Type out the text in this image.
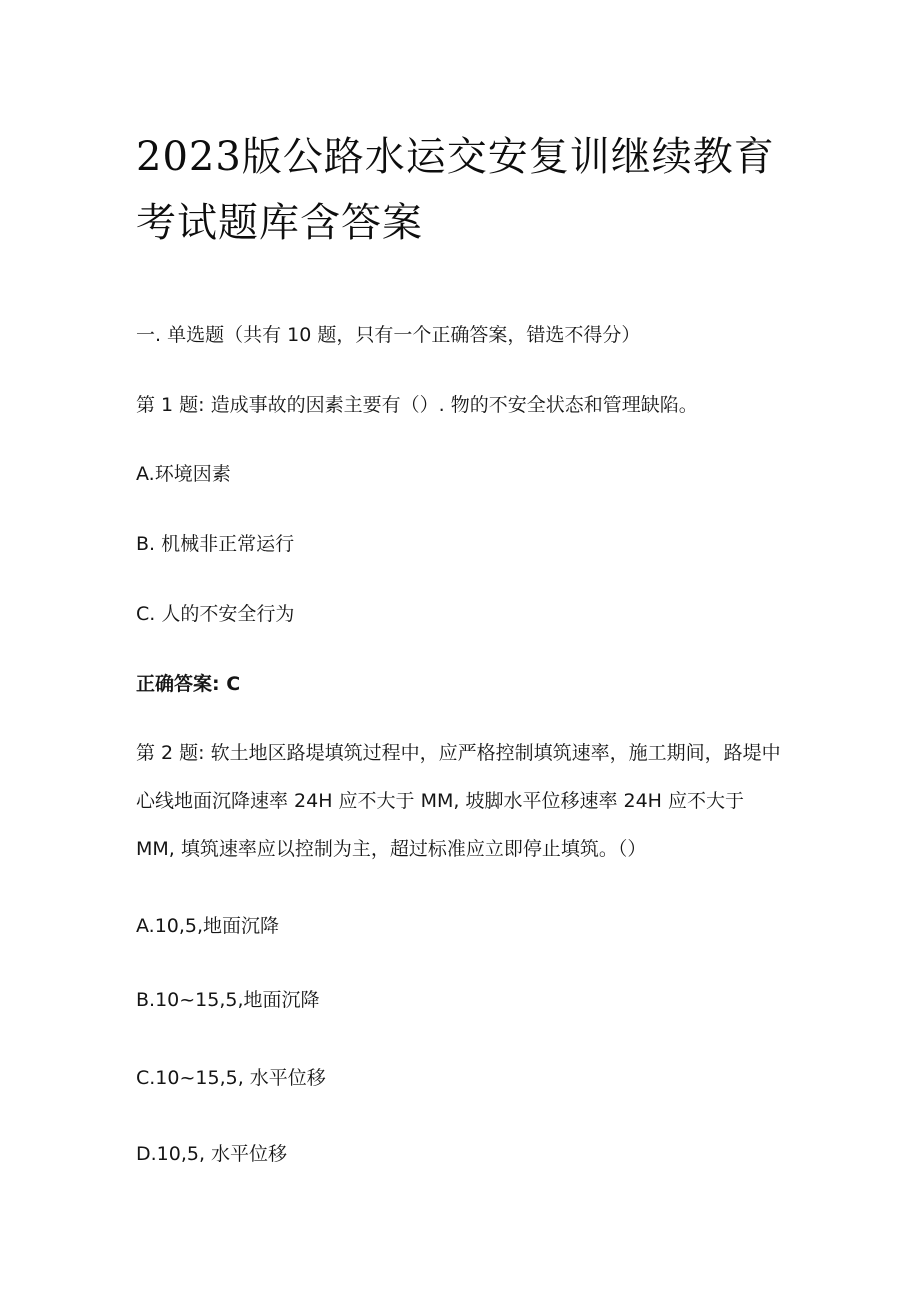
2023版公路水运交安复训继续教育考试题库含答案
一. 单选题（共有 10 题，只有一个正确答案，错选不得分）
第 1 题: 造成事故的因素主要有（）. 物的不安全状态和管理缺陷。
A.环境因素
B. 机械非正常运行
C. 人的不安全行为
正确答案: C

第 2 题: 软土地区路堤填筑过程中，应严格控制填筑速率，施工期间，路堤中心线地面沉降速率 24H 应不大于 MM, 坡脚水平位移速率 24H 应不大于 MM, 填筑速率应以控制为主，超过标准应立即停止填筑。（）

A.10,5,地面沉降
B.10~15,5,地面沉降
C.10~15,5, 水平位移
D.10,5, 水平位移
